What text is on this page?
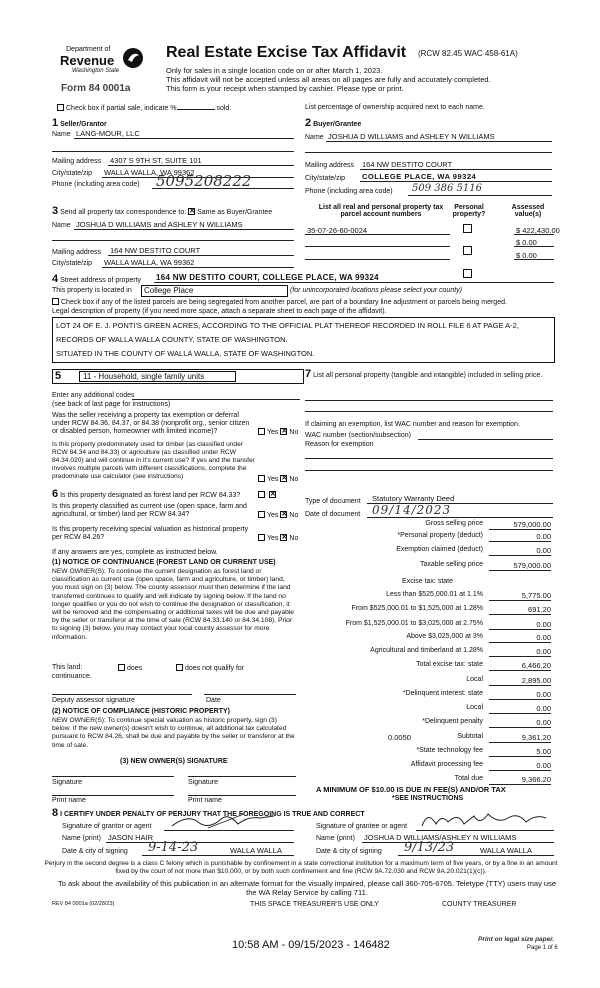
Department of
Revenue
Washington State
Form 84 0001a
Real Estate Excise Tax Affidavit (RCW 82.45 WAC 458-61A)
Only for sales in a single location code on or after March 1, 2023.
This affidavit will not be accepted unless all areas on all pages are fully and accurately completed.
This form is your receipt when stamped by cashier. Please type or print.
Check box if partial sale, indicate %	sold.	List percentage of ownership acquired next to each name.
1 Seller/Grantor
Name LANG-MOUR, LLC
Mailing address 4307 S 9TH ST, SUITE 101
City/state/zip WALLA WALLA, WA 99362
Phone (including area code) 5095208222
2 Buyer/Grantee
Name JOSHUA D WILLIAMS and ASHLEY N WILLIAMS
Mailing address 164 NW DESTITO COURT
City/state/zip COLLEGE PLACE, WA 99324
Phone (including area code) 509 386 5116
3 Send all property tax correspondence to: ✕ Same as Buyer/Grantee
Name JOSHUA D WILLIAMS and ASHLEY N WILLIAMS
Mailing address 164 NW DESTITO COURT
City/state/zip WALLA WALLA, WA 99362
List all real and personal property tax parcel account numbers
Personal property?
Assessed value(s)
35-07-26-60-0024	$ 422,430.00
$ 0.00
$ 0.00
4 Street address of property 164 NW DESTITO COURT, COLLEGE PLACE, WA 99324
This property is located in	College Place	(for unincorporated locations please select your county)
Check box if any of the listed parcels are being segregated from another parcel, are part of a boundary line adjustment or parcels being merged.
Legal description of property (if you need more space, attach a separate sheet to each page of the affidavit).
LOT 24 OF E. J. PONTI'S GREEN ACRES, ACCORDING TO THE OFFICIAL PLAT THEREOF RECORDED IN ROLL FILE 6 AT PAGE A-2,
RECORDS OF WALLA WALLA COUNTY, STATE OF WASHINGTON.
SITUATED IN THE COUNTY OF WALLA WALLA, STATE OF WASHINGTON.
5	11 - Household, single family units
Enter any additional codes
(see back of last page for instructions)
Was the seller receiving a property tax exemption or deferral under RCW 84.36, 84.37, or 84.38 (nonprofit org., senior citizen or disabled person, homeowner with limited income)?	Yes ✕ No
Is this property predominately used for timber (as classified under RCW 84.34 and 84.33) or agriculture (as classified under RCW 84.34.020) and will continue in it's current use? If yes and the transfer involves multiple parcels with different classifications, complete the predominate use calculator (see instructions)	Yes ✕ No
6 Is this property designated as forest land per RCW 84.33?
✕
Is this property classified as current use (open space, farm and agricultural, or timber) land per RCW 84.34?	Yes ✕ No
Is this property receiving special valuation as historical property per RCW 84.26?	Yes ✕ No
If any answers are yes, complete as instructed below.
(1) NOTICE OF CONTINUANCE (FOREST LAND OR CURRENT USE)
NEW OWNER(S): To continue the current designation as forest land or classification as current use (open space, farm and agriculture, or timber) land, you must sign on (3) below. The county assessor must then determine if the land transferred continues to qualify and will indicate by signing below. If the land no longer qualifies or you do not wish to continue the designation or classification, it will be removed and the compensating or additional taxes will be due and payable by the seller or transferor at the time of sale (RCW 84.33.140 or 84.34.108). Prior to signing (3) below, you may contact your local county assessor for more information.
This land:	does	does not qualify for
continuance.
Deputy assessor signature	Date
(2) NOTICE OF COMPLIANCE (HISTORIC PROPERTY)
NEW OWNER(S): To continue special valuation as historic property, sign (3) below. If the new owner(s) doesn't wish to continue, all additional tax calculated pursuant to RCW 84.26, shall be due and payable by the seller or transferor at the time of sale.
(3) NEW OWNER(S) SIGNATURE
Signature	Signature
Print name	Print name
7 List all personal property (tangible and intangible) included in selling price.
If claiming an exemption, list WAC number and reason for exemption.
WAC number (section/subsection)
Reason for exemption
Type of document Statutory Warranty Deed
Date of document 09/14/2023
Gross selling price	579,000.00
*Personal property (deduct)	0.00
Exemption claimed (deduct)	0.00
Taxable selling price	579,000.00
Excise tax: state
Less than $525,000.01 at 1.1%	5,775.00
From $525,000.01 to $1,525,000 at 1.28%	691.20
From $1,525,000.01 to $3,025,000 at 2.75%	0.00
Above $3,025,000 at 3%	0.00
Agricultural and timberland at 1.28%	0.00
Total excise tax: state	6,466.20
Local	2,895.00
*Delinquent interest: state	0.00
Local	0.00
*Delinquent penalty	0.00
Subtotal	9,361.20
*State technology fee	5.00
Affidavit processing fee	0.00
Total due	9,366.20
0.0050
A MINIMUM OF $10.00 IS DUE IN FEE(S) AND/OR TAX
*SEE INSTRUCTIONS
8 I CERTIFY UNDER PENALTY OF PERJURY THAT THE FOREGOING IS TRUE AND CORRECT
Signature of grantor or agent
Name (print) JASON HAIR
Date & city of signing 9-14-23	WALLA WALLA
Signature of grantee or agent
Name (print) JOSHUA D WILLIAMS/ASHLEY N WILLIAMS
Date & city of signing 9/13/23	WALLA WALLA
Perjury in the second degree is a class C felony which is punishable by confinement in a state correctional institution for a maximum term of five years, or by a fine in an amount fixed by the court of not more than $10,000, or by both such confinement and fine (RCW 9A.72.030 and RCW 9A.20.021(1)(c)).
To ask about the availability of this publication in an alternate format for the visually impaired, please call 360-705-6705. Teletype (TTY) users may use the WA Relay Service by calling 711.
REV 84 0001a (02/28/23)	THIS SPACE TREASURER'S USE ONLY	COUNTY TREASURER
10:58 AM - 09/15/2023 - 146482	Print on legal size paper.
Page 1 of 6
